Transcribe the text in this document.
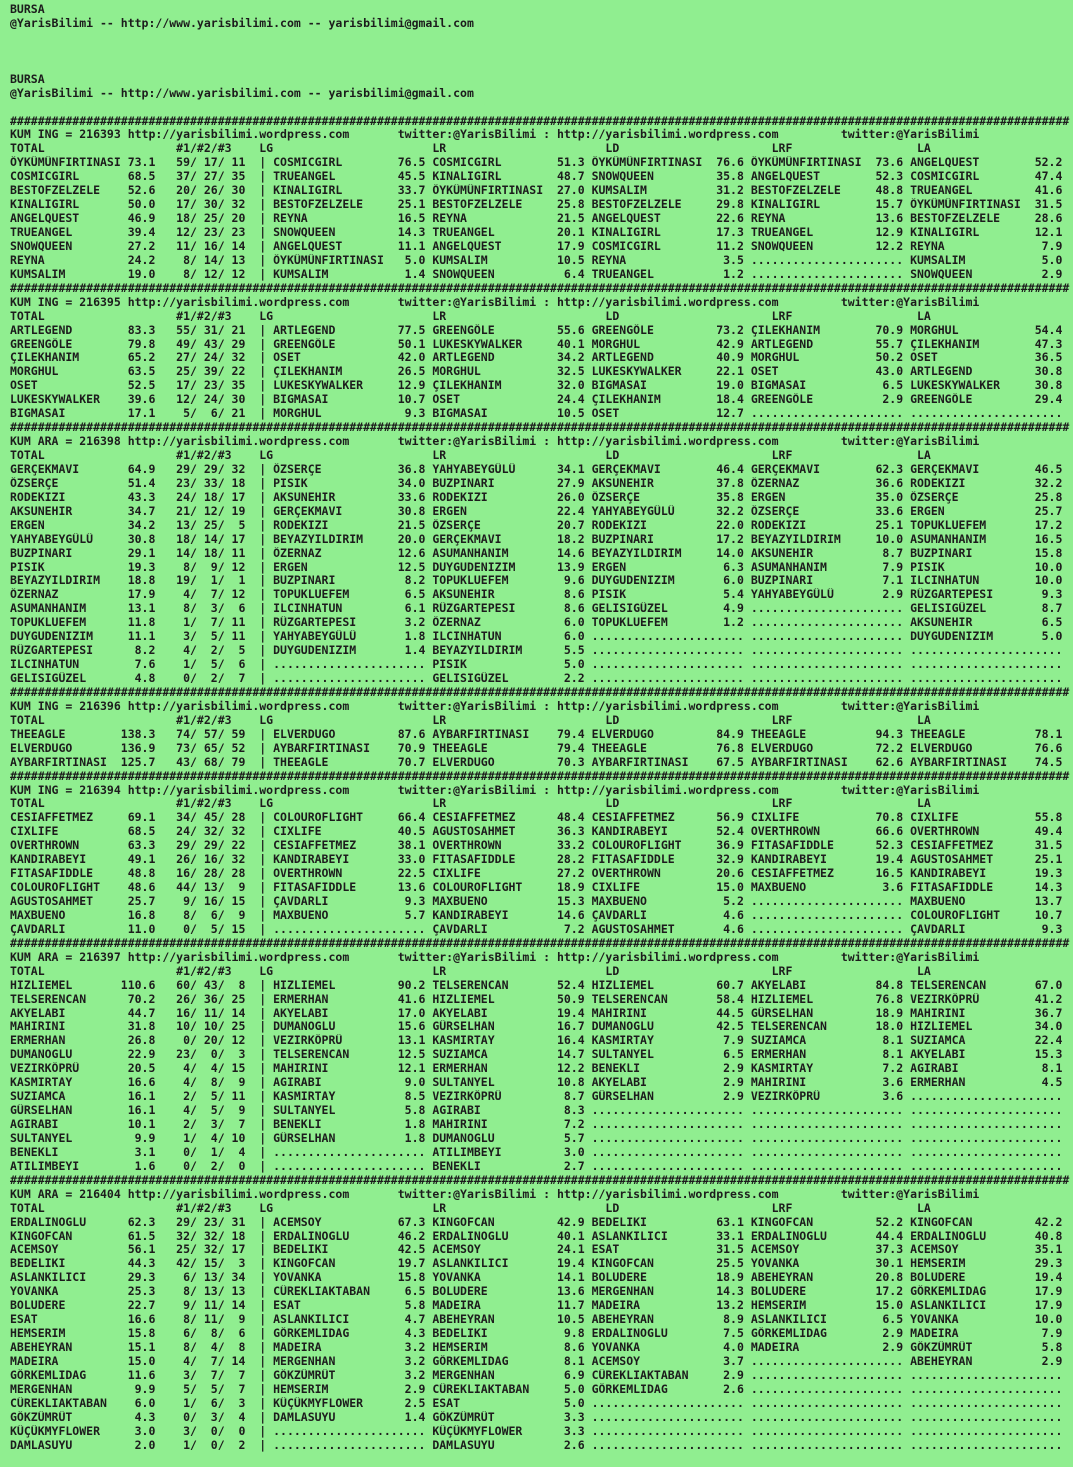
BURSA
@YarisBilimi -- http://www.yarisbilimi.com -- yarisbilimi@gmail.com
BURSA
@YarisBilimi -- http://www.yarisbilimi.com -- yarisbilimi@gmail.com
#########################################################################################################################################################
KUM ING = 216393 http://yarisbilimi.wordpress.com       twitter:@YarisBilimi : http://yarisbilimi.wordpress.com         twitter:@YarisBilimi
TOTAL                   #1/#2/#3    LG                       LR                       LD                      LRF                  LA
ÖYKÜMÜNFIRTINASI 73.1   59/ 17/ 11  | COSMICGIRL        76.5 COSMICGIRL        51.3 ÖYKÜMÜNFIRTINASI  76.6 ÖYKÜMÜNFIRTINASI  73.6 ANGELQUEST        52.2
COSMICGIRL       68.5   37/ 27/ 35  | TRUEANGEL         45.5 KINALIGIRL        48.7 SNOWQUEEN         35.8 ANGELQUEST        52.3 COSMICGIRL        47.4
BESTOFZELZELE    52.6   20/ 26/ 30  | KINALIGIRL        33.7 ÖYKÜMÜNFIRTINASI  27.0 KUMSALIM          31.2 BESTOFZELZELE     48.8 TRUEANGEL         41.6
KINALIGIRL       50.0   17/ 30/ 32  | BESTOFZELZELE     25.1 BESTOFZELZELE     25.8 BESTOFZELZELE     29.8 KINALIGIRL        15.7 ÖYKÜMÜNFIRTINASI  31.5
ANGELQUEST       46.9   18/ 25/ 20  | REYNA             16.5 REYNA             21.5 ANGELQUEST        22.6 REYNA             13.6 BESTOFZELZELE     28.6
TRUEANGEL        39.4   12/ 23/ 23  | SNOWQUEEN         14.3 TRUEANGEL         20.1 KINALIGIRL        17.3 TRUEANGEL         12.9 KINALIGIRL        12.1
SNOWQUEEN        27.2   11/ 16/ 14  | ANGELQUEST        11.1 ANGELQUEST        17.9 COSMICGIRL        11.2 SNOWQUEEN         12.2 REYNA              7.9
REYNA            24.2    8/ 14/ 13  | ÖYKÜMÜNFIRTINASI   5.0 KUMSALIM          10.5 REYNA              3.5 ...................... KUMSALIM           5.0
KUMSALIM         19.0    8/ 12/ 12  | KUMSALIM           1.4 SNOWQUEEN          6.4 TRUEANGEL          1.2 ...................... SNOWQUEEN          2.9
#########################################################################################################################################################
KUM ING = 216395 http://yarisbilimi.wordpress.com       twitter:@YarisBilimi : http://yarisbilimi.wordpress.com         twitter:@YarisBilimi
TOTAL                   #1/#2/#3    LG                       LR                       LD                      LRF                  LA
ARTLEGEND        83.3   55/ 31/ 21  | ARTLEGEND         77.5 GREENGÖLE         55.6 GREENGÖLE         73.2 ÇILEKHANIM        70.9 MORGHUL           54.4
GREENGÖLE        79.8   49/ 43/ 29  | GREENGÖLE         50.1 LUKESKYWALKER     40.1 MORGHUL           42.9 ARTLEGEND         55.7 ÇILEKHANIM        47.3
ÇILEKHANIM       65.2   27/ 24/ 32  | OSET              42.0 ARTLEGEND         34.2 ARTLEGEND         40.9 MORGHUL           50.2 OSET              36.5
MORGHUL          63.5   25/ 39/ 22  | ÇILEKHANIM        26.5 MORGHUL           32.5 LUKESKYWALKER     22.1 OSET              43.0 ARTLEGEND         30.8
OSET             52.5   17/ 23/ 35  | LUKESKYWALKER     12.9 ÇILEKHANIM        32.0 BIGMASAI          19.0 BIGMASAI           6.5 LUKESKYWALKER     30.8
LUKESKYWALKER    39.6   12/ 24/ 30  | BIGMASAI          10.7 OSET              24.4 ÇILEKHANIM        18.4 GREENGÖLE          2.9 GREENGÖLE         29.4
BIGMASAI         17.1    5/  6/ 21  | MORGHUL            9.3 BIGMASAI          10.5 OSET              12.7 ...................... ......................
#########################################################################################################################################################
KUM ARA = 216398 http://yarisbilimi.wordpress.com       twitter:@YarisBilimi : http://yarisbilimi.wordpress.com         twitter:@YarisBilimi
TOTAL                   #1/#2/#3    LG                       LR                       LD                      LRF                  LA
GERÇEKMAVI       64.9   29/ 29/ 32  | ÖZSERÇE           36.8 YAHYABEYGÜLÜ      34.1 GERÇEKMAVI        46.4 GERÇEKMAVI        62.3 GERÇEKMAVI        46.5
ÖZSERÇE          51.4   23/ 33/ 18  | PISIK             34.0 BUZPINARI         27.9 AKSUNEHIR         37.8 ÖZERNAZ           36.6 RODEKIZI          32.2
RODEKIZI         43.3   24/ 18/ 17  | AKSUNEHIR         33.6 RODEKIZI          26.0 ÖZSERÇE           35.8 ERGEN             35.0 ÖZSERÇE           25.8
AKSUNEHIR        34.7   21/ 12/ 19  | GERÇEKMAVI        30.8 ERGEN             22.4 YAHYABEYGÜLÜ      32.2 ÖZSERÇE           33.6 ERGEN             25.7
ERGEN            34.2   13/ 25/  5  | RODEKIZI          21.5 ÖZSERÇE           20.7 RODEKIZI          22.0 RODEKIZI          25.1 TOPUKLUEFEM       17.2
YAHYABEYGÜLÜ     30.8   18/ 14/ 17  | BEYAZYILDIRIM     20.0 GERÇEKMAVI        18.2 BUZPINARI         17.2 BEYAZYILDIRIM     10.0 ASUMANHANIM       16.5
BUZPINARI        29.1   14/ 18/ 11  | ÖZERNAZ           12.6 ASUMANHANIM       14.6 BEYAZYILDIRIM     14.0 AKSUNEHIR          8.7 BUZPINARI         15.8
PISIK            19.3    8/  9/ 12  | ERGEN             12.5 DUYGUDENIZIM      13.9 ERGEN              6.3 ASUMANHANIM        7.9 PISIK             10.0
BEYAZYILDIRIM    18.8   19/  1/  1  | BUZPINARI          8.2 TOPUKLUEFEM        9.6 DUYGUDENIZIM       6.0 BUZPINARI          7.1 ILCINHATUN        10.0
ÖZERNAZ          17.9    4/  7/ 12  | TOPUKLUEFEM        6.5 AKSUNEHIR          8.6 PISIK              5.4 YAHYABEYGÜLÜ       2.9 RÜZGARTEPESI       9.3
ASUMANHANIM      13.1    8/  3/  6  | ILCINHATUN         6.1 RÜZGARTEPESI       8.6 GELISIGÜZEL        4.9 ...................... GELISIGÜZEL        8.7
TOPUKLUEFEM      11.8    1/  7/ 11  | RÜZGARTEPESI       3.2 ÖZERNAZ            6.0 TOPUKLUEFEM        1.2 ...................... AKSUNEHIR          6.5
DUYGUDENIZIM     11.1    3/  5/ 11  | YAHYABEYGÜLÜ       1.8 ILCINHATUN         6.0 ...................... ...................... DUYGUDENIZIM       5.0
RÜZGARTEPESI      8.2    4/  2/  5  | DUYGUDENIZIM       1.4 BEYAZYILDIRIM      5.5 ...................... ...................... ......................
ILCINHATUN        7.6    1/  5/  6  | ...................... PISIK              5.0 ...................... ...................... ......................
GELISIGÜZEL       4.8    0/  2/  7  | ...................... GELISIGÜZEL        2.2 ...................... ...................... ......................
#########################################################################################################################################################
KUM ING = 216396 http://yarisbilimi.wordpress.com       twitter:@YarisBilimi : http://yarisbilimi.wordpress.com         twitter:@YarisBilimi
TOTAL                   #1/#2/#3    LG                       LR                       LD                      LRF                  LA
THEEAGLE        138.3   74/ 57/ 59  | ELVERDUGO         87.6 AYBARFIRTINASI    79.4 ELVERDUGO         84.9 THEEAGLE          94.3 THEEAGLE          78.1
ELVERDUGO       136.9   73/ 65/ 52  | AYBARFIRTINASI    70.9 THEEAGLE          79.4 THEEAGLE          76.8 ELVERDUGO         72.2 ELVERDUGO         76.6
AYBARFIRTINASI  125.7   43/ 68/ 79  | THEEAGLE          70.7 ELVERDUGO         70.3 AYBARFIRTINASI    67.5 AYBARFIRTINASI    62.6 AYBARFIRTINASI    74.5
#########################################################################################################################################################
KUM ING = 216394 http://yarisbilimi.wordpress.com       twitter:@YarisBilimi : http://yarisbilimi.wordpress.com         twitter:@YarisBilimi
TOTAL                   #1/#2/#3    LG                       LR                       LD                      LRF                  LA
CESIAFFETMEZ     69.1   34/ 45/ 28  | COLOUROFLIGHT     66.4 CESIAFFETMEZ      48.4 CESIAFFETMEZ      56.9 CIXLIFE           70.8 CIXLIFE           55.8
CIXLIFE          68.5   24/ 32/ 32  | CIXLIFE           40.5 AGUSTOSAHMET      36.3 KANDIRABEYI       52.4 OVERTHROWN        66.6 OVERTHROWN        49.4
OVERTHROWN       63.3   29/ 29/ 22  | CESIAFFETMEZ      38.1 OVERTHROWN        33.2 COLOUROFLIGHT     36.9 FITASAFIDDLE      52.3 CESIAFFETMEZ      31.5
KANDIRABEYI      49.1   26/ 16/ 32  | KANDIRABEYI       33.0 FITASAFIDDLE      28.2 FITASAFIDDLE      32.9 KANDIRABEYI       19.4 AGUSTOSAHMET      25.1
FITASAFIDDLE     48.8   16/ 28/ 28  | OVERTHROWN        22.5 CIXLIFE           27.2 OVERTHROWN        20.6 CESIAFFETMEZ      16.5 KANDIRABEYI       19.3
COLOUROFLIGHT    48.6   44/ 13/  9  | FITASAFIDDLE      13.6 COLOUROFLIGHT     18.9 CIXLIFE           15.0 MAXBUENO           3.6 FITASAFIDDLE      14.3
AGUSTOSAHMET     25.7    9/ 16/ 15  | ÇAVDARLI           9.3 MAXBUENO          15.3 MAXBUENO           5.2 ...................... MAXBUENO          13.7
MAXBUENO         16.8    8/  6/  9  | MAXBUENO           5.7 KANDIRABEYI       14.6 ÇAVDARLI           4.6 ...................... COLOUROFLIGHT     10.7
ÇAVDARLI         11.0    0/  5/ 15  | ...................... ÇAVDARLI           7.2 AGUSTOSAHMET       4.6 ...................... ÇAVDARLI           9.3
#########################################################################################################################################################
KUM ARA = 216397 http://yarisbilimi.wordpress.com       twitter:@YarisBilimi : http://yarisbilimi.wordpress.com         twitter:@YarisBilimi
TOTAL                   #1/#2/#3    LG                       LR                       LD                      LRF                  LA
HIZLIEMEL       110.6   60/ 43/  8  | HIZLIEMEL         90.2 TELSERENCAN       52.4 HIZLIEMEL         60.7 AKYELABI          84.8 TELSERENCAN       67.0
TELSERENCAN      70.2   26/ 36/ 25  | ERMERHAN          41.6 HIZLIEMEL         50.9 TELSERENCAN       58.4 HIZLIEMEL         76.8 VEZIRKÖPRÜ        41.2
AKYELABI         44.7   16/ 11/ 14  | AKYELABI          17.0 AKYELABI          19.4 MAHIRINI          44.5 GÜRSELHAN         18.9 MAHIRINI          36.7
MAHIRINI         31.8   10/ 10/ 25  | DUMANOGLU         15.6 GÜRSELHAN         16.7 DUMANOGLU         42.5 TELSERENCAN       18.0 HIZLIEMEL         34.0
ERMERHAN         26.8    0/ 20/ 12  | VEZIRKÖPRÜ        13.1 KASMIRTAY         16.4 KASMIRTAY          7.9 SUZIAMCA           8.1 SUZIAMCA          22.4
DUMANOGLU        22.9   23/  0/  3  | TELSERENCAN       12.5 SUZIAMCA          14.7 SULTANYEL          6.5 ERMERHAN           8.1 AKYELABI          15.3
VEZIRKÖPRÜ       20.5    4/  4/ 15  | MAHIRINI          12.1 ERMERHAN          12.2 BENEKLI            2.9 KASMIRTAY          7.2 AGIRABI            8.1
KASMIRTAY        16.6    4/  8/  9  | AGIRABI            9.0 SULTANYEL         10.8 AKYELABI           2.9 MAHIRINI           3.6 ERMERHAN           4.5
SUZIAMCA         16.1    2/  5/ 11  | KASMIRTAY          8.5 VEZIRKÖPRÜ         8.7 GÜRSELHAN          2.9 VEZIRKÖPRÜ         3.6 ......................
GÜRSELHAN        16.1    4/  5/  9  | SULTANYEL          5.8 AGIRABI            8.3 ...................... ...................... ......................
AGIRABI          10.1    2/  3/  7  | BENEKLI            1.8 MAHIRINI           7.2 ...................... ...................... ......................
SULTANYEL         9.9    1/  4/ 10  | GÜRSELHAN          1.8 DUMANOGLU          5.7 ...................... ...................... ......................
BENEKLI           3.1    0/  1/  4  | ...................... ATILIMBEYI         3.0 ...................... ...................... ......................
ATILIMBEYI        1.6    0/  2/  0  | ...................... BENEKLI            2.7 ...................... ...................... ......................
#########################################################################################################################################################
KUM ARA = 216404 http://yarisbilimi.wordpress.com       twitter:@YarisBilimi : http://yarisbilimi.wordpress.com         twitter:@YarisBilimi
TOTAL                   #1/#2/#3    LG                       LR                       LD                      LRF                  LA
ERDALINOGLU      62.3   29/ 23/ 31  | ACEMSOY           67.3 KINGOFCAN         42.9 BEDELIKI          63.1 KINGOFCAN         52.2 KINGOFCAN         42.2
KINGOFCAN        61.5   32/ 32/ 18  | ERDALINOGLU       46.2 ERDALINOGLU       40.1 ASLANKILICI       33.1 ERDALINOGLU       44.4 ERDALINOGLU       40.8
ACEMSOY          56.1   25/ 32/ 17  | BEDELIKI          42.5 ACEMSOY           24.1 ESAT              31.5 ACEMSOY           37.3 ACEMSOY           35.1
BEDELIKI         44.3   42/ 15/  3  | KINGOFCAN         19.7 ASLANKILICI       19.4 KINGOFCAN         25.5 YOVANKA           30.1 HEMSERIM          29.3
ASLANKILICI      29.3    6/ 13/ 34  | YOVANKA           15.8 YOVANKA           14.1 BOLUDERE          18.9 ABEHEYRAN         20.8 BOLUDERE          19.4
YOVANKA          25.3    8/ 13/ 13  | CÜREKLIAKTABAN     6.5 BOLUDERE          13.6 MERGENHAN         14.3 BOLUDERE          17.2 GÖRKEMLIDAG       17.9
BOLUDERE         22.7    9/ 11/ 14  | ESAT               5.8 MADEIRA           11.7 MADEIRA           13.2 HEMSERIM          15.0 ASLANKILICI       17.9
ESAT             16.6    8/ 11/  9  | ASLANKILICI        4.7 ABEHEYRAN         10.5 ABEHEYRAN          8.9 ASLANKILICI        6.5 YOVANKA           10.0
HEMSERIM         15.8    6/  8/  6  | GÖRKEMLIDAG        4.3 BEDELIKI           9.8 ERDALINOGLU        7.5 GÖRKEMLIDAG        2.9 MADEIRA            7.9
ABEHEYRAN        15.1    8/  4/  8  | MADEIRA            3.2 HEMSERIM           8.6 YOVANKA            4.0 MADEIRA            2.9 GÖKZÜMRÜT          5.8
MADEIRA          15.0    4/  7/ 14  | MERGENHAN          3.2 GÖRKEMLIDAG        8.1 ACEMSOY            3.7 ...................... ABEHEYRAN          2.9
GÖRKEMLIDAG      11.6    3/  7/  7  | GÖKZÜMRÜT          3.2 MERGENHAN          6.9 CÜREKLIAKTABAN     2.9 ...................... ......................
MERGENHAN         9.9    5/  5/  7  | HEMSERIM           2.9 CÜREKLIAKTABAN     5.0 GÖRKEMLIDAG        2.6 ...................... ......................
CÜREKLIAKTABAN    6.0    1/  6/  3  | KÜÇÜKMYFLOWER      2.5 ESAT               5.0 ...................... ...................... ......................
GÖKZÜMRÜT         4.3    0/  3/  4  | DAMLASUYU          1.4 GÖKZÜMRÜT          3.3 ...................... ...................... ......................
KÜÇÜKMYFLOWER     3.0    3/  0/  0  | ...................... KÜÇÜKMYFLOWER      3.3 ...................... ...................... ......................
DAMLASUYU         2.0    1/  0/  2  | ...................... DAMLASUYU          2.6 ...................... ...................... ......................
